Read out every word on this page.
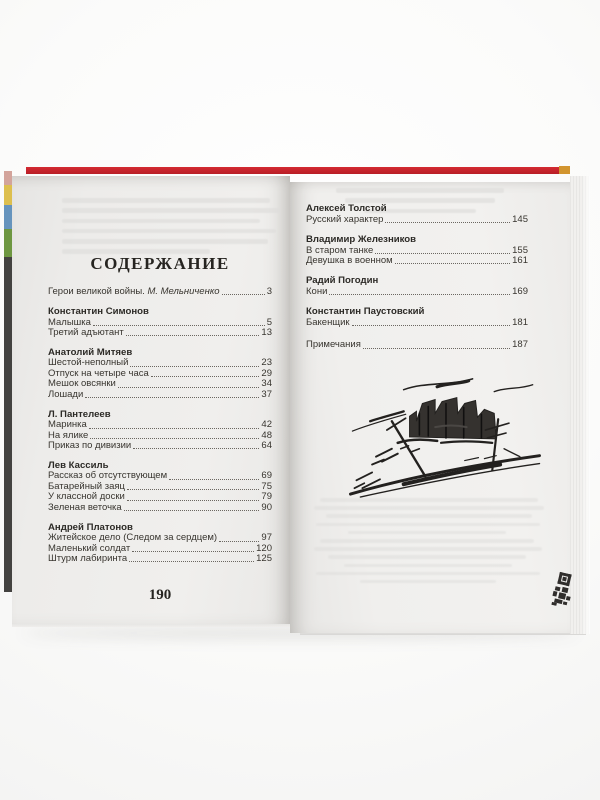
СОДЕРЖАНИЕ
Герои великой войны. М. Мельниченко	3
Константин Симонов
Малышка	5
Третий адъютант	13
Анатолий Митяев
Шестой-неполный	23
Отпуск на четыре часа	29
Мешок овсянки	34
Лошади	37
Л. Пантелеев
Маринка	42
На ялике	48
Приказ по дивизии	64
Лев Кассиль
Рассказ об отсутствующем	69
Батарейный заяц	75
У классной доски	79
Зеленая веточка	90
Андрей Платонов
Житейское дело (Следом за сердцем)	97
Маленький солдат	120
Штурм лабиринта	125
190
Алексей Толстой
Русский характер	145
Владимир Железников
В старом танке	155
Девушка в военном	161
Радий Погодин
Кони	169
Константин Паустовский
Бакенщик	181
Примечания	187
